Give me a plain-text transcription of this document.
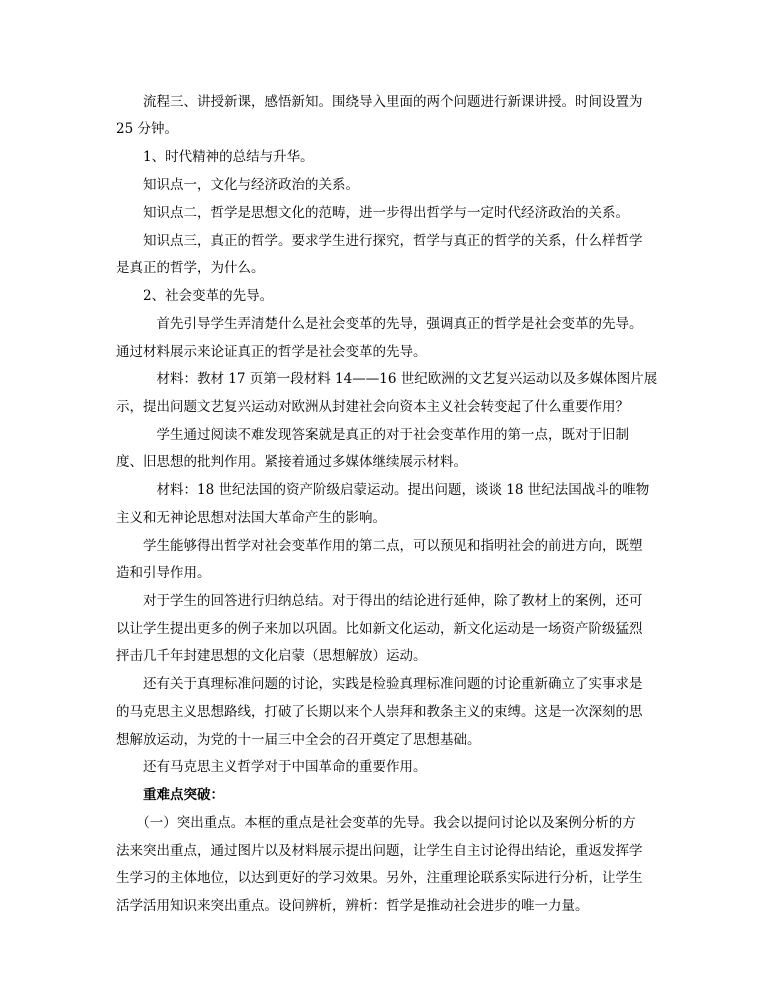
　　流程三、讲授新课，感悟新知。围绕导入里面的两个问题进行新课讲授。时间设置为
25 分钟。
　　1、时代精神的总结与升华。
　　知识点一，文化与经济政治的关系。
　　知识点二，哲学是思想文化的范畴，进一步得出哲学与一定时代经济政治的关系。
　　知识点三，真正的哲学。要求学生进行探究，哲学与真正的哲学的关系，什么样哲学
是真正的哲学，为什么。
　　2、社会变革的先导。
　　　首先引导学生弄清楚什么是社会变革的先导，强调真正的哲学是社会变革的先导。
通过材料展示来论证真正的哲学是社会变革的先导。
　　　材料：教材 17 页第一段材料 14——16 世纪欧洲的文艺复兴运动以及多媒体图片展
示，提出问题文艺复兴运动对欧洲从封建社会向资本主义社会转变起了什么重要作用？
　　　学生通过阅读不难发现答案就是真正的对于社会变革作用的第一点，既对于旧制
度、旧思想的批判作用。紧接着通过多媒体继续展示材料。
　　　材料：18 世纪法国的资产阶级启蒙运动。提出问题，谈谈 18 世纪法国战斗的唯物
主义和无神论思想对法国大革命产生的影响。
　　学生能够得出哲学对社会变革作用的第二点，可以预见和指明社会的前进方向，既塑
造和引导作用。
　　对于学生的回答进行归纳总结。对于得出的结论进行延伸，除了教材上的案例，还可
以让学生提出更多的例子来加以巩固。比如新文化运动，新文化运动是一场资产阶级猛烈
抨击几千年封建思想的文化启蒙（思想解放）运动。
　　还有关于真理标准问题的讨论，实践是检验真理标准问题的讨论重新确立了实事求是
的马克思主义思想路线，打破了长期以来个人崇拜和教条主义的束缚。这是一次深刻的思
想解放运动，为党的十一届三中全会的召开奠定了思想基础。
　　还有马克思主义哲学对于中国革命的重要作用。
　　重难点突破：
　　（一）突出重点。本框的重点是社会变革的先导。我会以提问讨论以及案例分析的方
法来突出重点，通过图片以及材料展示提出问题，让学生自主讨论得出结论，重返发挥学
生学习的主体地位，以达到更好的学习效果。另外，注重理论联系实际进行分析，让学生
活学活用知识来突出重点。设问辨析，辨析：哲学是推动社会进步的唯一力量。
